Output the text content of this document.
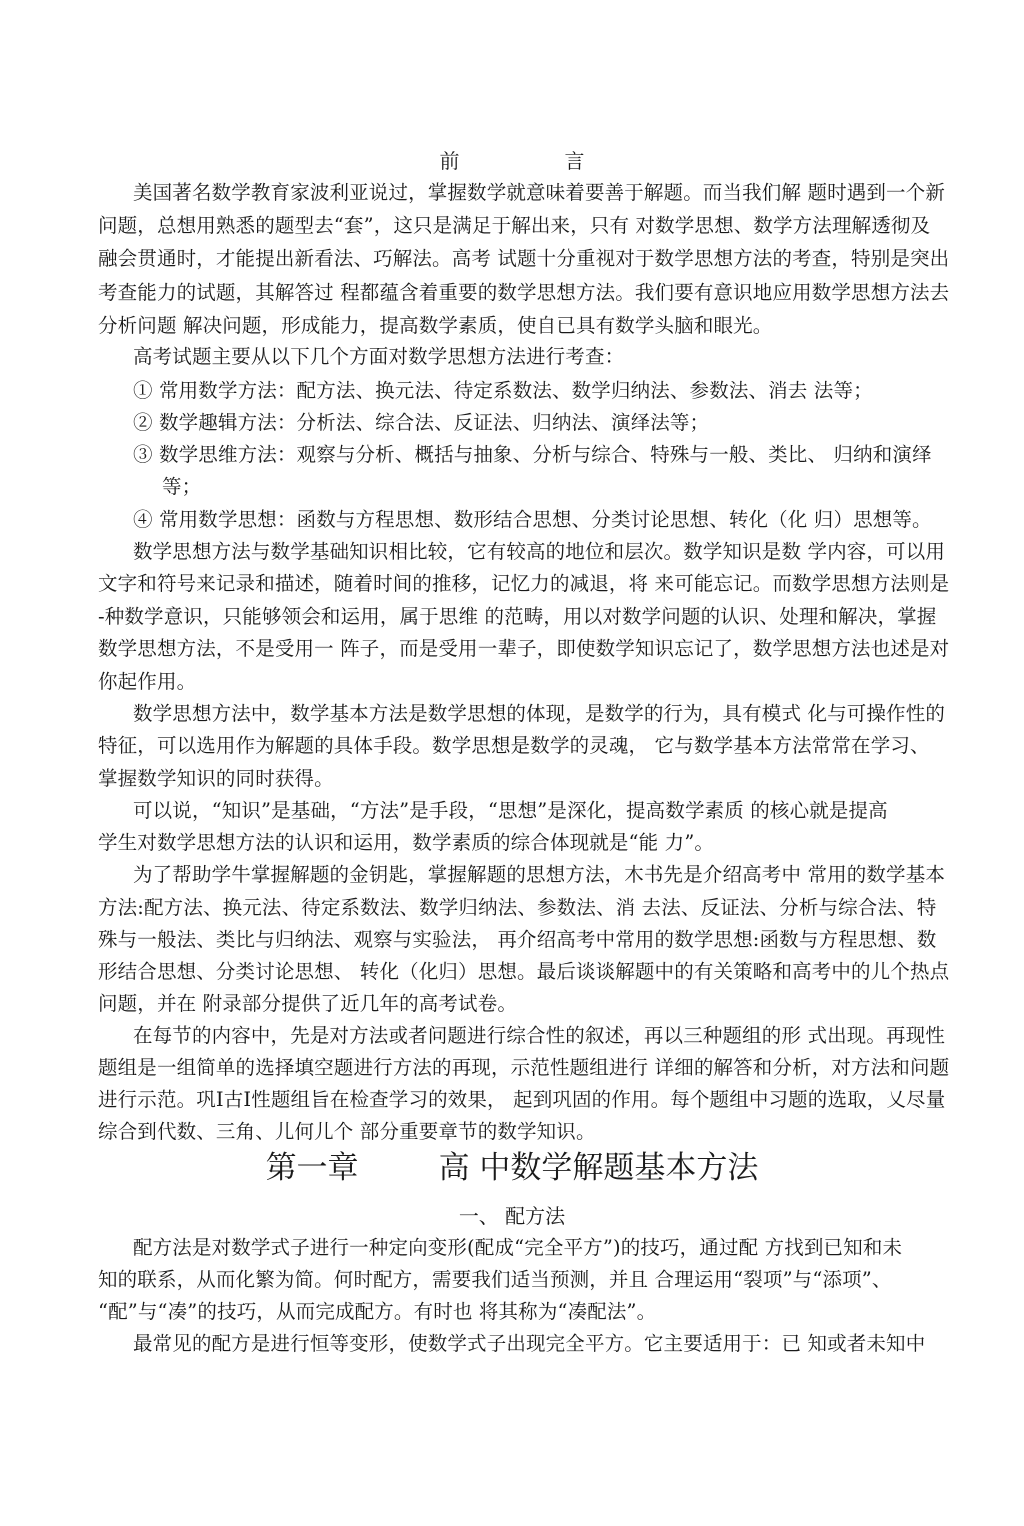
前	言
美国著名数学教育家波利亚说过，掌握数学就意味着要善于解题。而当我们解 题时遇到一个新
问题，总想用熟悉的题型去“套”，这只是满足于解出来，只有 对数学思想、数学方法理解透彻及
融会贯通时，才能提出新看法、巧解法。高考 试题十分重视对于数学思想方法的考查，特别是突出
考查能力的试题，其解答过 程都蕴含着重要的数学思想方法。我们要有意识地应用数学思想方法去
分析问题 解决问题，形成能力，提高数学素质，使自已具有数学头脑和眼光。
高考试题主要从以下几个方面对数学思想方法进行考查：
① 常用数学方法：配方法、换元法、待定系数法、数学归纳法、参数法、消去 法等；
② 数学趣辑方法：分析法、综合法、反证法、归纳法、演绎法等；
③ 数学思维方法：观察与分析、概括与抽象、分析与综合、特殊与一般、类比、 归纳和演绎
等；
④ 常用数学思想：函数与方程思想、数形结合思想、分类讨论思想、转化（化 归）思想等。
数学思想方法与数学基础知识相比较，它有较高的地位和层次。数学知识是数 学内容，可以用
文字和符号来记录和描述，随着时间的推移，记忆力的减退，将 来可能忘记。而数学思想方法则是
-种数学意识，只能够领会和运用，属于思维 的范畴，用以对数学问题的认识、处理和解决，掌握
数学思想方法，不是受用一 阵子，而是受用一辈子，即使数学知识忘记了，数学思想方法也述是对
你起作用。
数学思想方法中，数学基本方法是数学思想的体现，是数学的行为，具有模式 化与可操作性的
特征，可以选用作为解题的具体手段。数学思想是数学的灵魂， 它与数学基本方法常常在学习、
掌握数学知识的同时获得。
可以说，“知识”是基础，“方法”是手段，“思想”是深化，提高数学素质 的核心就是提高
学生对数学思想方法的认识和运用，数学素质的综合体现就是“能 力”。
为了帮助学牛掌握解题的金钥匙，掌握解题的思想方法，木书先是介绍高考中 常用的数学基本
方法:配方法、换元法、待定系数法、数学归纳法、参数法、消 去法、反证法、分析与综合法、特
殊与一般法、类比与归纳法、观察与实验法， 再介绍高考中常用的数学思想:函数与方程思想、数
形结合思想、分类讨论思想、 转化（化归）思想。最后谈谈解题中的有关策略和高考中的儿个热点
问题，并在 附录部分提供了近几年的高考试卷。
在每节的内容中，先是对方法或者问题进行综合性的叙述，再以三种题组的形 式出现。再现性
题组是一组简单的选择填空题进行方法的再现，示范性题组进行 详细的解答和分析，对方法和问题
进行示范。巩I古I性题组旨在检查学习的效果， 起到巩固的作用。每个题组中习题的选取，乂尽量
综合到代数、三角、儿何儿个 部分重要章节的数学知识。
第一章	高 中数学解题基本方法
一、 配方法
配方法是对数学式子进行一种定向变形(配成“完全平方”)的技巧，通过配 方找到已知和未
知的联系，从而化繁为简。何时配方，需要我们适当预测，并且 合理运用“裂项”与“添项”、
“配”与“凑”的技巧，从而完成配方。有时也 将其称为“凑配法”。
最常见的配方是进行恒等变形，使数学式子出现完全平方。它主要适用于：已 知或者未知中
